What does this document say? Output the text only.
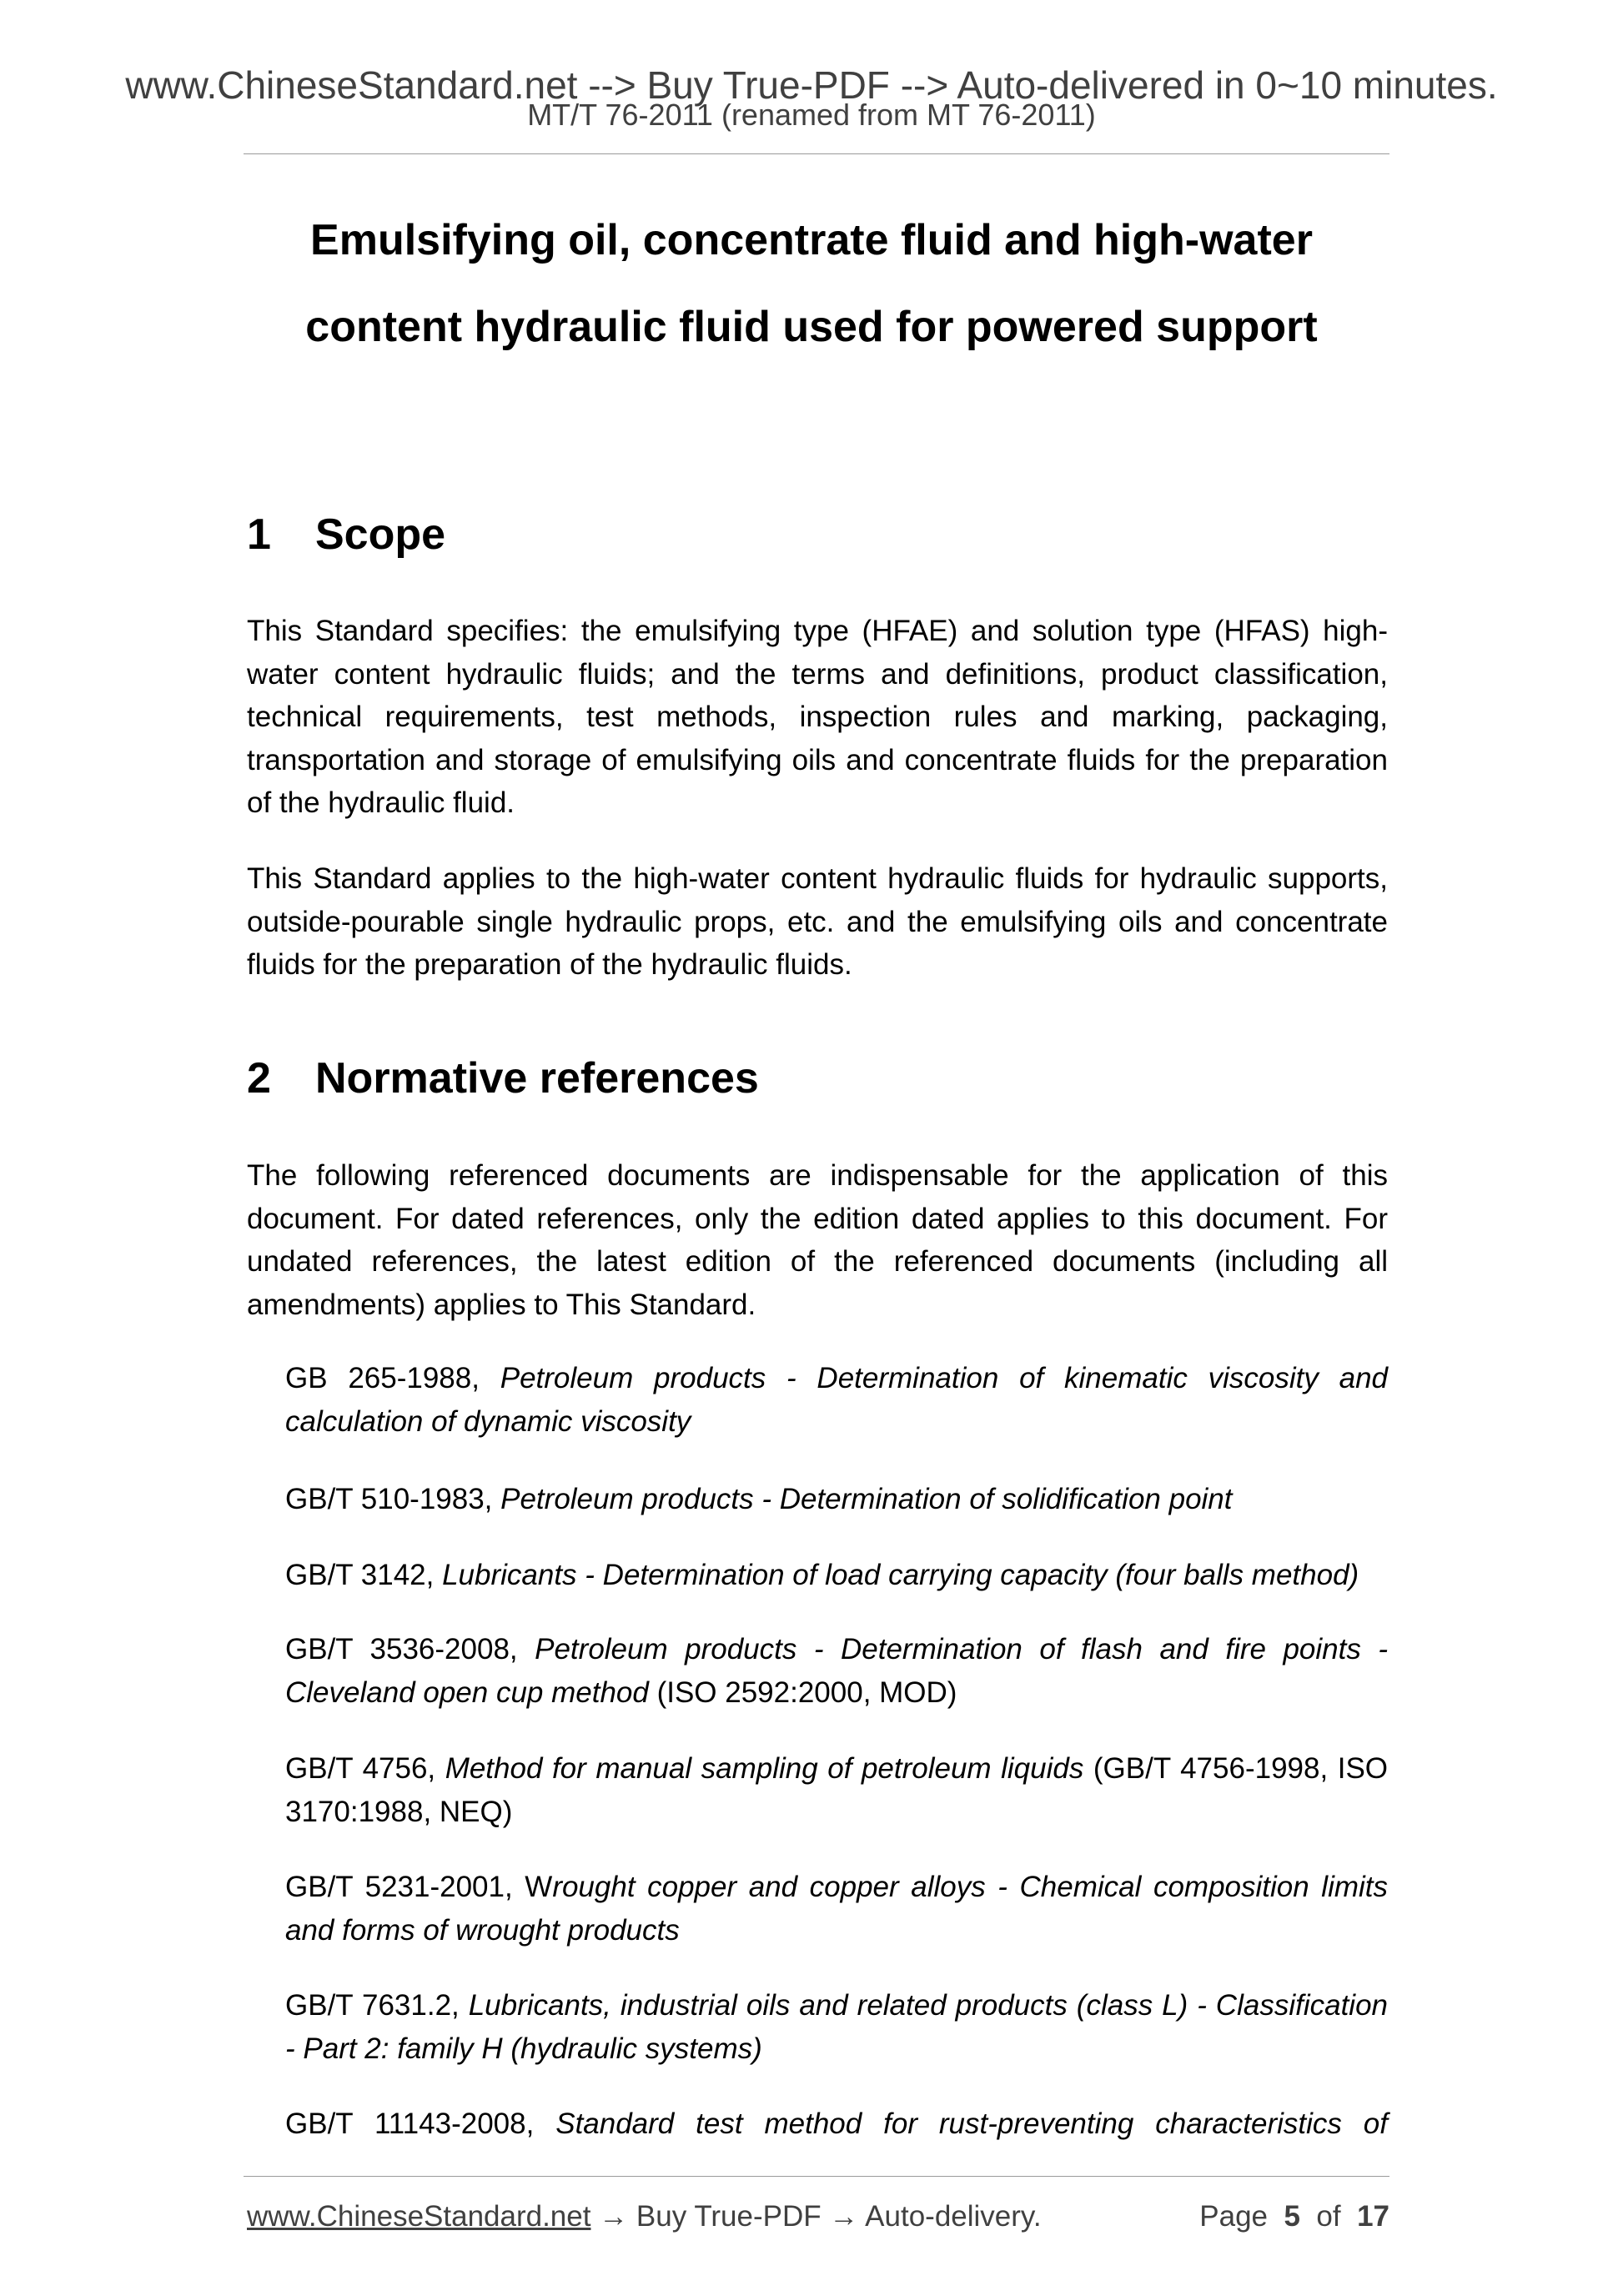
www.ChineseStandard.net --> Buy True-PDF --> Auto-delivered in 0~10 minutes.
MT/T 76-2011 (renamed from MT 76-2011)
Emulsifying oil, concentrate fluid and high-water
content hydraulic fluid used for powered support
1 Scope
This Standard specifies: the emulsifying type (HFAE) and solution type (HFAS) high-water content hydraulic fluids; and the terms and definitions, product classification, technical requirements, test methods, inspection rules and marking, packaging, transportation and storage of emulsifying oils and concentrate fluids for the preparation of the hydraulic fluid.
This Standard applies to the high-water content hydraulic fluids for hydraulic supports, outside-pourable single hydraulic props, etc. and the emulsifying oils and concentrate fluids for the preparation of the hydraulic fluids.
2 Normative references
The following referenced documents are indispensable for the application of this document. For dated references, only the edition dated applies to this document. For undated references, the latest edition of the referenced documents (including all amendments) applies to This Standard.
GB 265-1988, Petroleum products - Determination of kinematic viscosity and calculation of dynamic viscosity
GB/T 510-1983, Petroleum products - Determination of solidification point
GB/T 3142, Lubricants - Determination of load carrying capacity (four balls method)
GB/T 3536-2008, Petroleum products - Determination of flash and fire points - Cleveland open cup method (ISO 2592:2000, MOD)
GB/T 4756, Method for manual sampling of petroleum liquids (GB/T 4756-1998, ISO 3170:1988, NEQ)
GB/T 5231-2001, Wrought copper and copper alloys - Chemical composition limits and forms of wrought products
GB/T 7631.2, Lubricants, industrial oils and related products (class L) - Classification - Part 2: family H (hydraulic systems)
GB/T 11143-2008, Standard test method for rust-preventing characteristics of
www.ChineseStandard.net → Buy True-PDF → Auto-delivery.	Page 5 of 17
